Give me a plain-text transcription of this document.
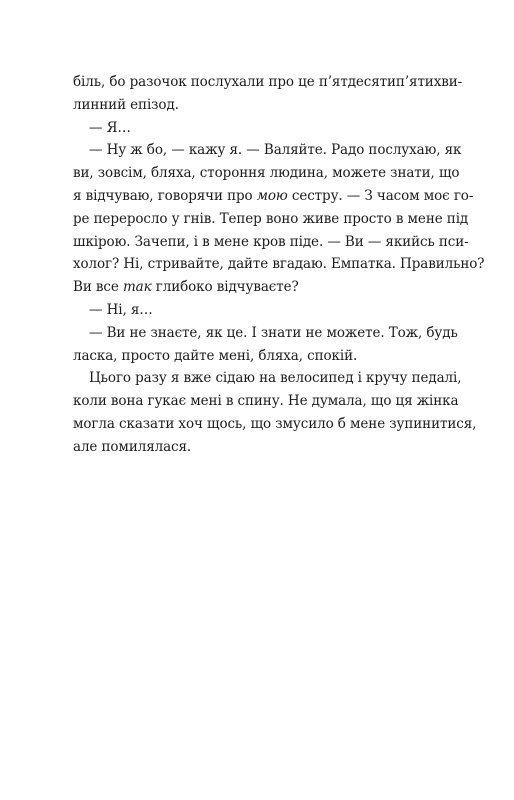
біль, бо разочок послухали про це п’ятдесятип’ятихви-
линний епізод.
— Я…
— Ну ж бо, — кажу я. — Валяйте. Радо послухаю, як
ви, зовсім, бляха, стороння людина, можете знати, що
я відчуваю, говорячи про мою сестру. — З часом моє го-
ре переросло у гнів. Тепер воно живе просто в мене під
шкірою. Зачепи, і в мене кров піде. — Ви — якийсь пси-
холог? Ні, стривайте, дайте вгадаю. Емпатка. Правильно?
Ви все так глибоко відчуваєте?
— Ні, я…
— Ви не знаєте, як це. І знати не можете. Тож, будь
ласка, просто дайте мені, бляха, спокій.
Цього разу я вже сідаю на велосипед і кручу педалі,
коли вона гукає мені в спину. Не думала, що ця жінка
могла сказати хоч щось, що змусило б мене зупинитися,
але помилялася.
